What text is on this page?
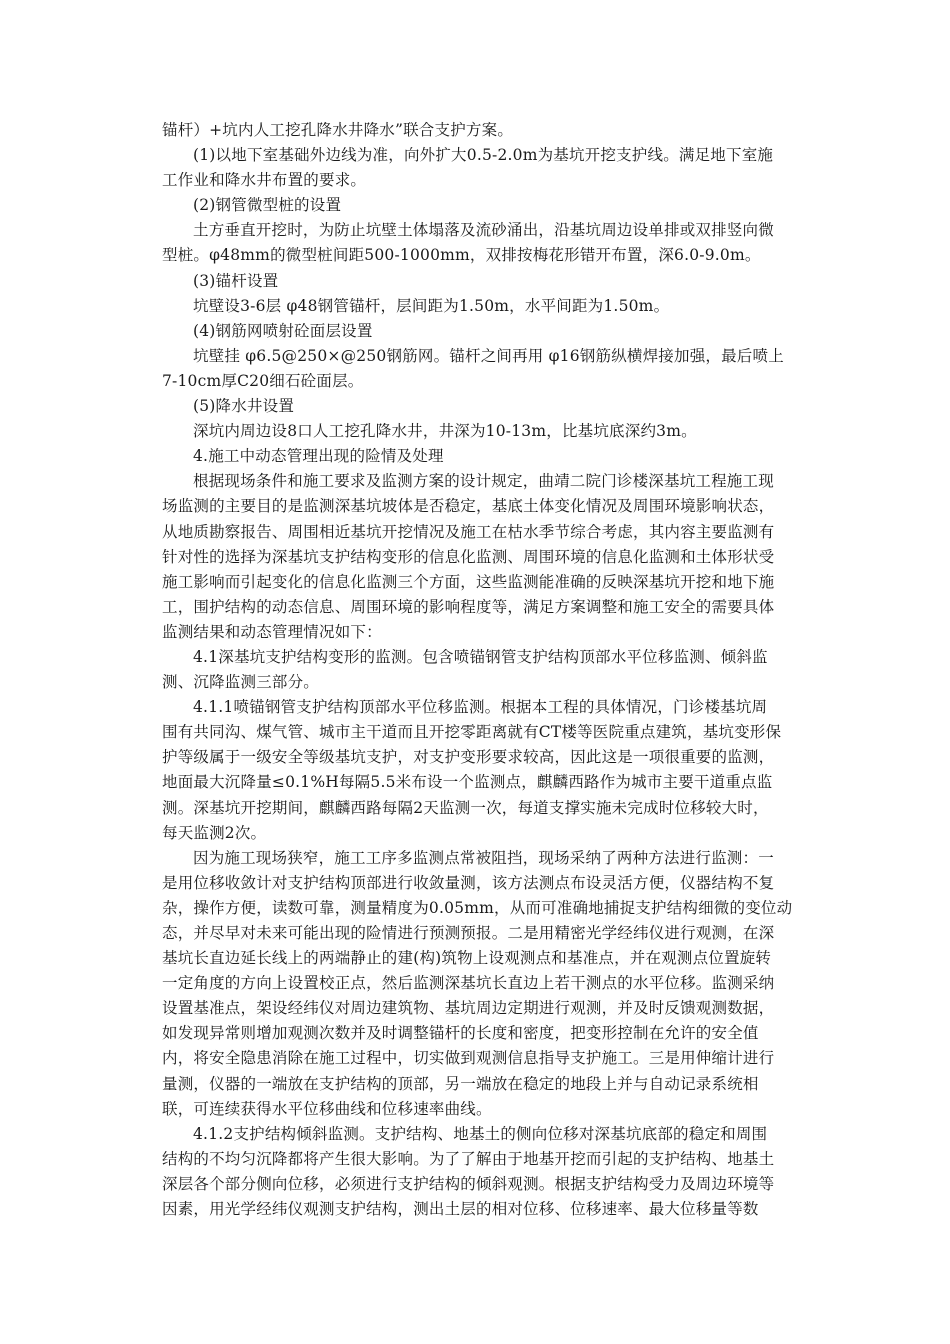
锚杆）+坑内人工挖孔降水井降水”联合支护方案。
(1)以地下室基础外边线为准，向外扩大0.5-2.0m为基坑开挖支护线。满足地下室施
工作业和降水井布置的要求。
(2)钢管微型桩的设置
土方垂直开挖时，为防止坑壁土体塌落及流砂涌出，沿基坑周边设单排或双排竖向微
型桩。φ48mm的微型桩间距500-1000mm，双排按梅花形错开布置，深6.0-9.0m。
(3)锚杆设置
坑壁设3-6层 φ48钢管锚杆，层间距为1.50m，水平间距为1.50m。
(4)钢筋网喷射砼面层设置
坑壁挂 φ6.5@250×@250钢筋网。锚杆之间再用 φ16钢筋纵横焊接加强，最后喷上
7-10cm厚C20细石砼面层。
(5)降水井设置
深坑内周边设8口人工挖孔降水井，井深为10-13m，比基坑底深约3m。
4.施工中动态管理出现的险情及处理
根据现场条件和施工要求及监测方案的设计规定，曲靖二院门诊楼深基坑工程施工现
场监测的主要目的是监测深基坑坡体是否稳定，基底土体变化情况及周围环境影响状态，
从地质勘察报告、周围相近基坑开挖情况及施工在枯水季节综合考虑，其内容主要监测有
针对性的选择为深基坑支护结构变形的信息化监测、周围环境的信息化监测和土体形状受
施工影响而引起变化的信息化监测三个方面，这些监测能准确的反映深基坑开挖和地下施
工，围护结构的动态信息、周围环境的影响程度等，满足方案调整和施工安全的需要具体
监测结果和动态管理情况如下：
4.1深基坑支护结构变形的监测。包含喷锚钢管支护结构顶部水平位移监测、倾斜监
测、沉降监测三部分。
4.1.1喷锚钢管支护结构顶部水平位移监测。根据本工程的具体情况，门诊楼基坑周
围有共同沟、煤气管、城市主干道而且开挖零距离就有CT楼等医院重点建筑，基坑变形保
护等级属于一级安全等级基坑支护，对支护变形要求较高，因此这是一项很重要的监测，
地面最大沉降量≤0.1%H每隔5.5米布设一个监测点，麒麟西路作为城市主要干道重点监
测。深基坑开挖期间，麒麟西路每隔2天监测一次，每道支撑实施未完成时位移较大时，
每天监测2次。
因为施工现场狭窄，施工工序多监测点常被阻挡，现场采纳了两种方法进行监测：一
是用位移收敛计对支护结构顶部进行收敛量测，该方法测点布设灵活方便，仪器结构不复
杂，操作方便，读数可靠，测量精度为0.05mm，从而可准确地捕捉支护结构细微的变位动
态，并尽早对未来可能出现的险情进行预测预报。二是用精密光学经纬仪进行观测，在深
基坑长直边延长线上的两端静止的建(构)筑物上设观测点和基准点，并在观测点位置旋转
一定角度的方向上设置校正点，然后监测深基坑长直边上若干测点的水平位移。监测采纳
设置基准点，架设经纬仪对周边建筑物、基坑周边定期进行观测，并及时反馈观测数据，
如发现异常则增加观测次数并及时调整锚杆的长度和密度，把变形控制在允许的安全值
内，将安全隐患消除在施工过程中，切实做到观测信息指导支护施工。三是用伸缩计进行
量测，仪器的一端放在支护结构的顶部，另一端放在稳定的地段上并与自动记录系统相
联，可连续获得水平位移曲线和位移速率曲线。
4.1.2支护结构倾斜监测。支护结构、地基土的侧向位移对深基坑底部的稳定和周围
结构的不均匀沉降都将产生很大影响。为了了解由于地基开挖而引起的支护结构、地基土
深层各个部分侧向位移，必须进行支护结构的倾斜观测。根据支护结构受力及周边环境等
因素，用光学经纬仪观测支护结构，测出土层的相对位移、位移速率、最大位移量等数
